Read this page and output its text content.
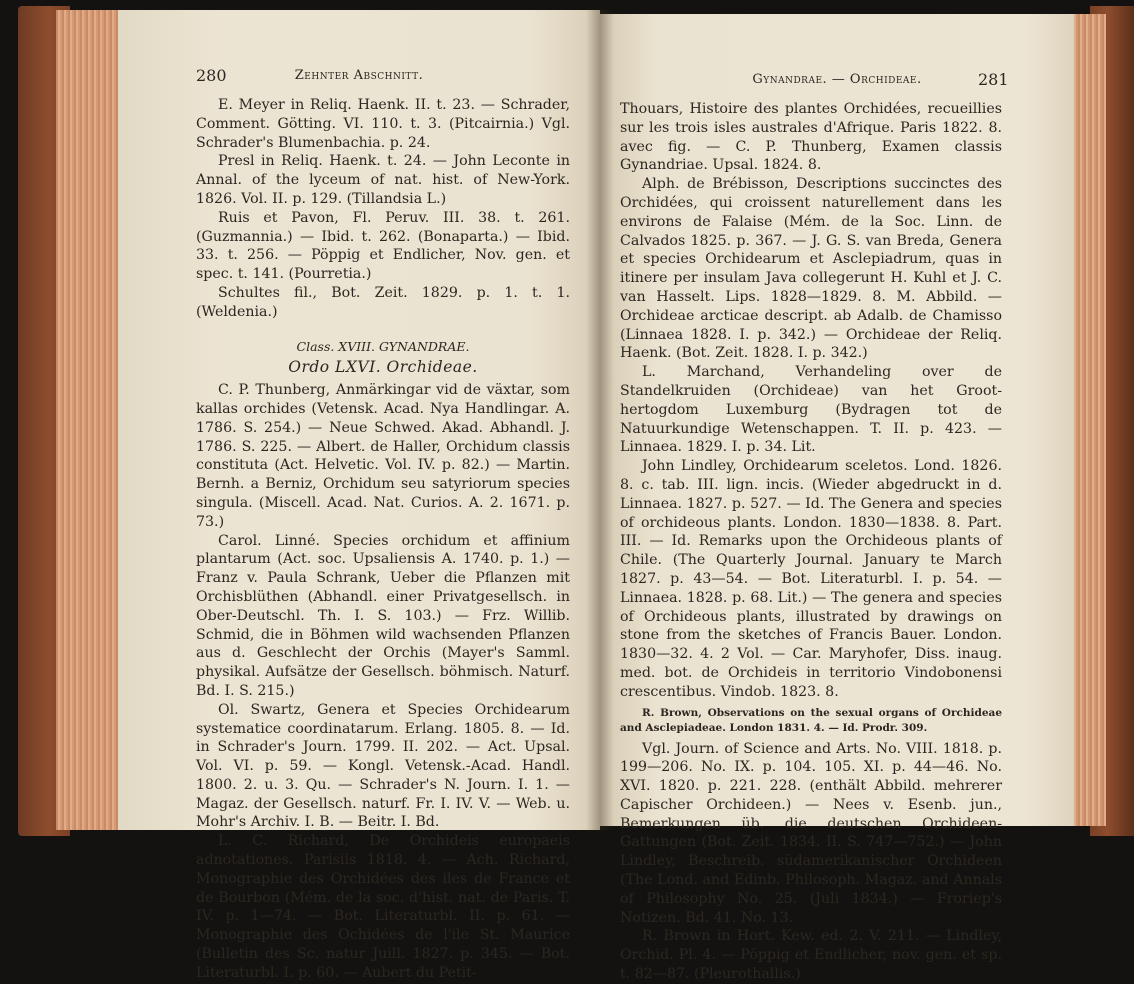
280	Zehnter Abschnitt.

E. Meyer in Reliq. Haenk. II. t. 23. — Schrader, Comment. Götting. VI. 110. t. 3. (Pitcairnia.) Vgl. Schrader's Blumenbachia. p. 24.

Presl in Reliq. Haenk. t. 24. — John Leconte in Annal. of the lyceum of nat. hist. of New-York. 1826. Vol. II. p. 129. (Tillandsia L.)

Ruis et Pavon, Fl. Peruv. III. 38. t. 261. (Guzmannia.) — Ibid. t. 262. (Bonaparta.) — Ibid. 33. t. 256. — Pöppig et Endlicher, Nov. gen. et spec. t. 141. (Pourretia.)

Schultes fil., Bot. Zeit. 1829. p. 1. t. 1. (Weldenia.)

Class. XVIII. GYNANDRAE.

Ordo LXVI. Orchideae.

C. P. Thunberg, Anmärkingar vid de växtar, som kallas orchides (Vetensk. Acad. Nya Handlingar. A. 1786. S. 254.) — Neue Schwed. Akad. Abhandl. J. 1786. S. 225. — Albert. de Haller, Orchidum classis constituta (Act. Helvetic. Vol. IV. p. 82.) — Martin. Bernh. a Berniz, Orchidum seu satyriorum species singula. (Miscell. Acad. Nat. Curios. A. 2. 1671. p. 73.)

Carol. Linné. Species orchidum et affinium plantarum (Act. soc. Upsaliensis A. 1740. p. 1.) — Franz v. Paula Schrank, Ueber die Pflanzen mit Orchisblüthen (Abhandl. einer Privatgesellsch. in Ober-Deutschl. Th. I. S. 103.) — Frz. Willib. Schmid, die in Böhmen wild wachsenden Pflanzen aus d. Geschlecht der Orchis (Mayer's Samml. physikal. Aufsätze der Gesellsch. böhmisch. Naturf. Bd. I. S. 215.)

Ol. Swartz, Genera et Species Orchidearum systematice coordinatarum. Erlang. 1805. 8. — Id. in Schrader's Journ. 1799. II. 202. — Act. Upsal. Vol. VI. p. 59. — Kongl. Vetensk.-Acad. Handl. 1800. 2. u. 3. Qu. — Schrader's N. Journ. I. 1. — Magaz. der Gesellsch. naturf. Fr. I. IV. V. — Web. u. Mohr's Archiv. I. B. — Beitr. I. Bd.

L. C. Richard, De Orchideis europaeis adnotationes. Parisiis 1818. 4. — Ach. Richard, Monographie des Orchidées des iles de France et de Bourbon (Mém. de la soc. d'hist. nat. de Paris. T. IV. p. 1—74. — Bot. Literaturbl. II. p. 61. — Monographie des Ochidées de l'ile St. Maurice (Bulletin des Sc. natur Juill. 1827. p. 345. — Bot. Literaturbl. I. p. 60. — Aubert du Petit-

281
Gynandrae. — Orchideae.

Thouars, Histoire des plantes Orchidées, recueillies sur les trois isles australes d'Afrique. Paris 1822. 8. avec fig. — C. P. Thunberg, Examen classis Gynandriae. Upsal. 1824. 8.

Alph. de Brébisson, Descriptions succinctes des Orchidées, qui croissent naturellement dans les environs de Falaise (Mém. de la Soc. Linn. de Calvados 1825. p. 367. — J. G. S. van Breda, Genera et species Orchidearum et Asclepiadrum, quas in itinere per insulam Java collegerunt H. Kuhl et J. C. van Hasselt. Lips. 1828—1829. 8. M. Abbild. — Orchideae arcticae descript. ab Adalb. de Chamisso (Linnaea 1828. I. p. 342.) — Orchideae der Reliq. Haenk. (Bot. Zeit. 1828. I. p. 342.)

L. Marchand, Verhandeling over de Standelkruiden (Orchideae) van het Groot-hertogdom Luxemburg (Bydragen tot de Natuurkundige Wetenschappen. T. II. p. 423. — Linnaea. 1829. I. p. 34. Lit.

John Lindley, Orchidearum sceletos. Lond. 1826. 8. c. tab. III. lign. incis. (Wieder abgedruckt in d. Linnaea. 1827. p. 527. — Id. The Genera and species of orchideous plants. London. 1830—1838. 8. Part. III. — Id. Remarks upon the Orchideous plants of Chile. (The Quarterly Journal. January te March 1827. p. 43—54. — Bot. Literaturbl. I. p. 54. — Linnaea. 1828. p. 68. Lit.) — The genera and species of Orchideous plants, illustrated by drawings on stone from the sketches of Francis Bauer. London. 1830—32. 4. 2 Vol. — Car. Maryhofer, Diss. inaug. med. bot. de Orchideis in territorio Vindobonensi crescentibus. Vindob. 1823. 8.

R. Brown, Observations on the sexual organs of Orchideae and Asclepiadeae. London 1831. 4. — Id. Prodr. 309.

Vgl. Journ. of Science and Arts. No. VIII. 1818. p. 199—206. No. IX. p. 104. 105. XI. p. 44—46. No. XVI. 1820. p. 221. 228. (enthält Abbild. mehrerer Capischer Orchideen.) — Nees v. Esenb. jun., Bemerkungen üb. die deutschen Orchideen-Gattungen (Bot. Zeit. 1834. II. S. 747—752.) — John Lindley, Beschreib. südamerikanischer Orchideen (The Lond. and Edinb. Philosoph. Magaz. and Annals of Philosophy No. 25. (Juli 1834.) — Froriep's Notizen. Bd. 41. No. 13.

R. Brown in Hort. Kew. ed. 2. V. 211. — Lindley, Orchid. Pl. 4. — Pöppig et Endlicher, nov. gen. et sp. t. 82—87. (Pleurothallis.)
